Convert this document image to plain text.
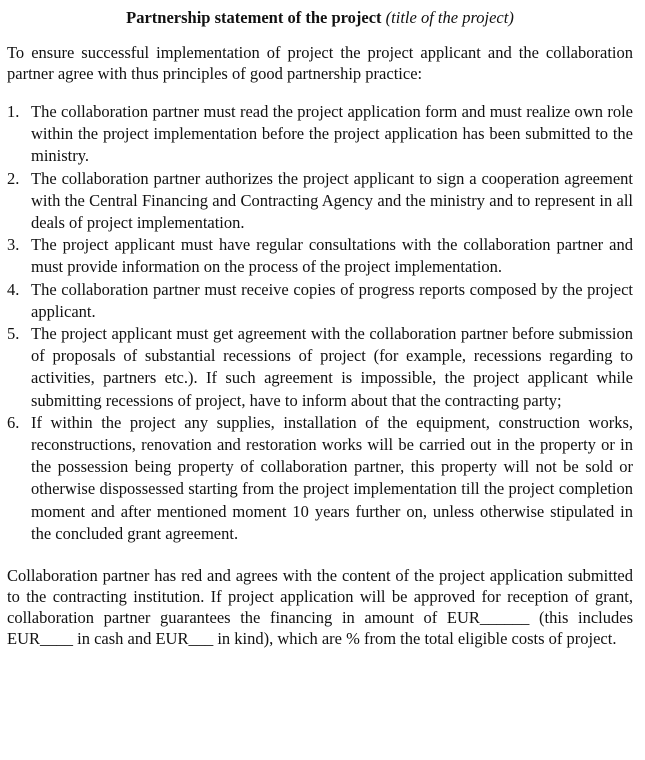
Partnership statement of the project (title of the project)

To ensure successful implementation of project the project applicant and the collaboration partner agree with thus principles of good partnership practice:

1. The collaboration partner must read the project application form and must realize own role within the project implementation before the project application has been submitted to the ministry.
2. The collaboration partner authorizes the project applicant to sign a cooperation agreement with the Central Financing and Contracting Agency and the ministry and to represent in all deals of project implementation.
3. The project applicant must have regular consultations with the collaboration partner and must provide information on the process of the project implementation.
4. The collaboration partner must receive copies of progress reports composed by the project applicant.
5. The project applicant must get agreement with the collaboration partner before submission of proposals of substantial recessions of project (for example, recessions regarding to activities, partners etc.). If such agreement is impossible, the project applicant while submitting recessions of project, have to inform about that the contracting party;
6. If within the project any supplies, installation of the equipment, construction works, reconstructions, renovation and restoration works will be carried out in the property or in the possession being property of collaboration partner, this property will not be sold or otherwise dispossessed starting from the project implementation till the project completion moment and after mentioned moment 10 years further on, unless otherwise stipulated in the concluded grant agreement.

Collaboration partner has red and agrees with the content of the project application submitted to the contracting institution. If project application will be approved for reception of grant, collaboration partner guarantees the financing in amount of EUR______ (this includes EUR____ in cash and EUR___ in kind), which are % from the total eligible costs of project.
